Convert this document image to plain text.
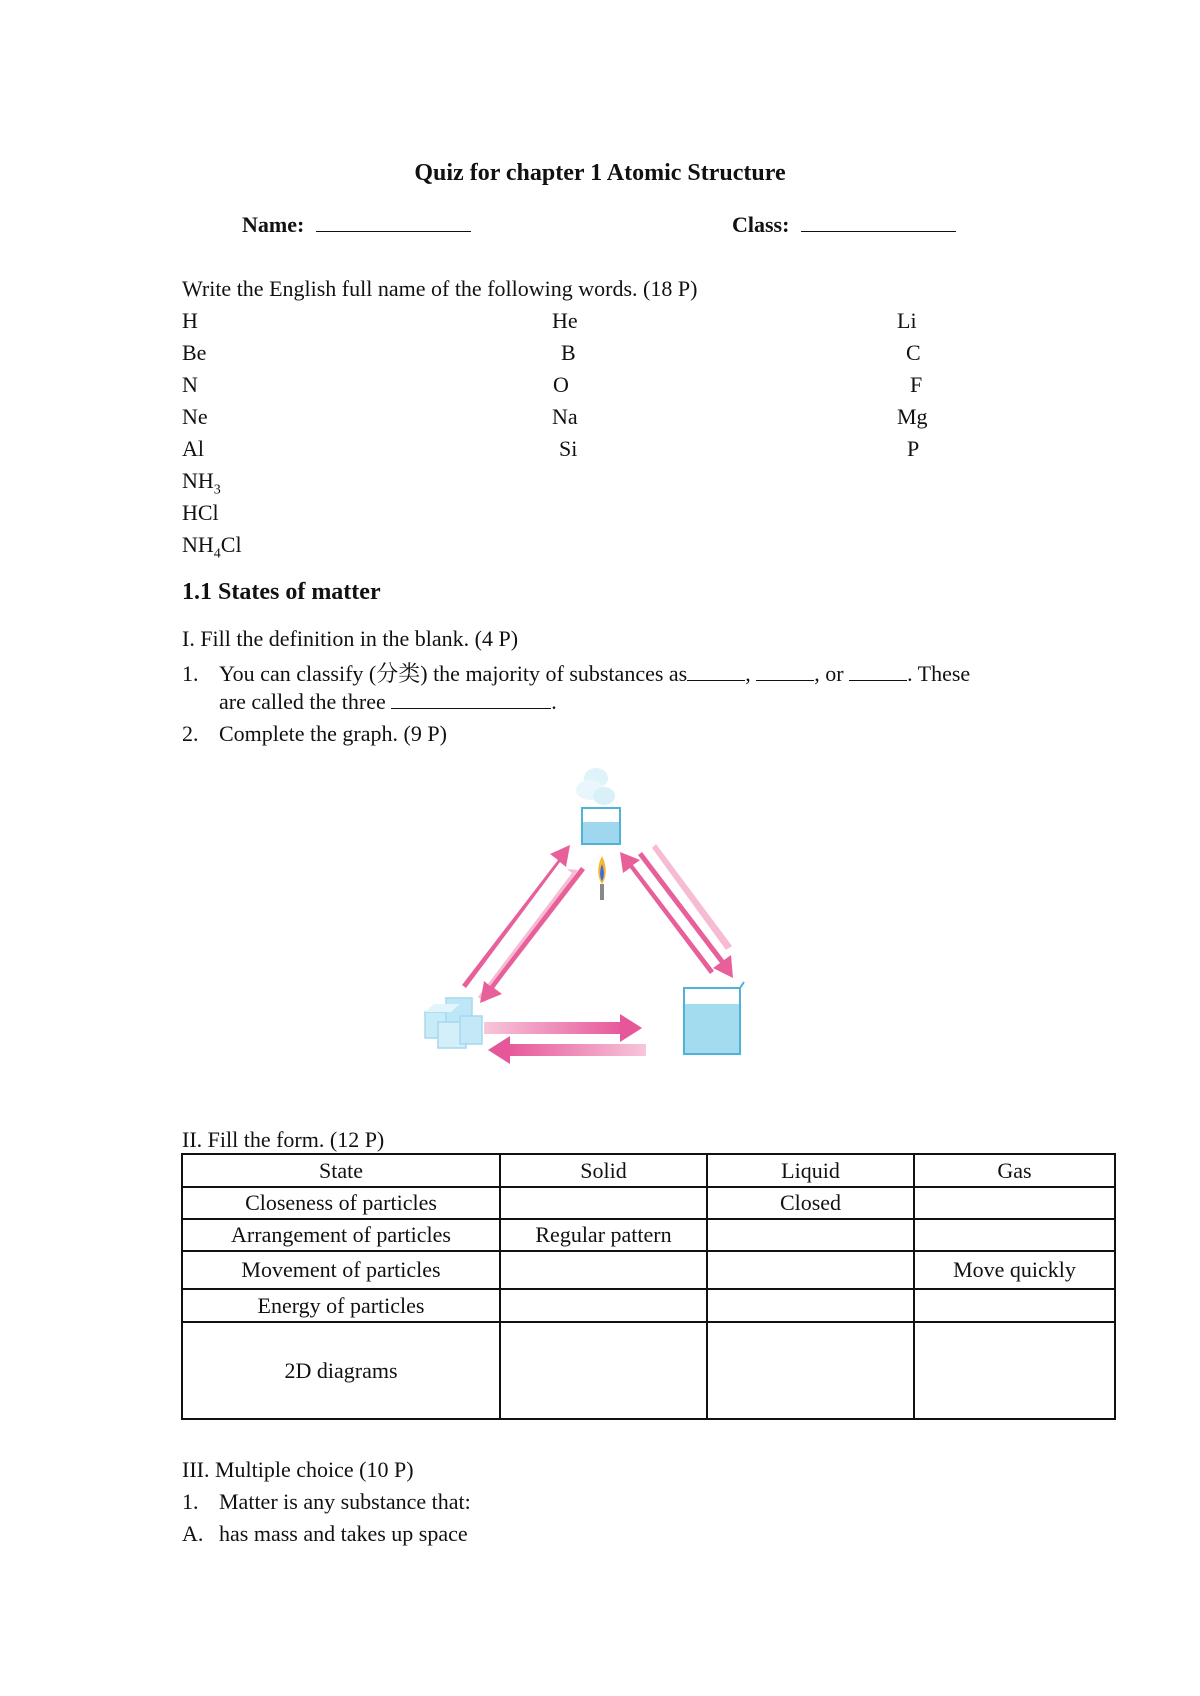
Quiz for chapter 1 Atomic Structure
Name:	Class:
Write the English full name of the following words. (18 P)
H	He	Li
Be	B	C
N	O	F
Ne	Na	Mg
Al	Si	P
$NH_3$
HCl
$NH_4Cl$
1.1 States of matter
I. Fill the definition in the blank. (4 P)
1. You can classify (分类) the majority of substances as	,	, or	. These
are called the three	.
2. Complete the graph. (9 P)
II. Fill the form. (12 P)
State	Solid	Liquid	Gas
Closeness of particles		Closed	
Arrangement of particles	Regular pattern		
Movement of particles			Move quickly
Energy of particles			
2D diagrams			
III. Multiple choice (10 P)
1. Matter is any substance that:
A. has mass and takes up space
